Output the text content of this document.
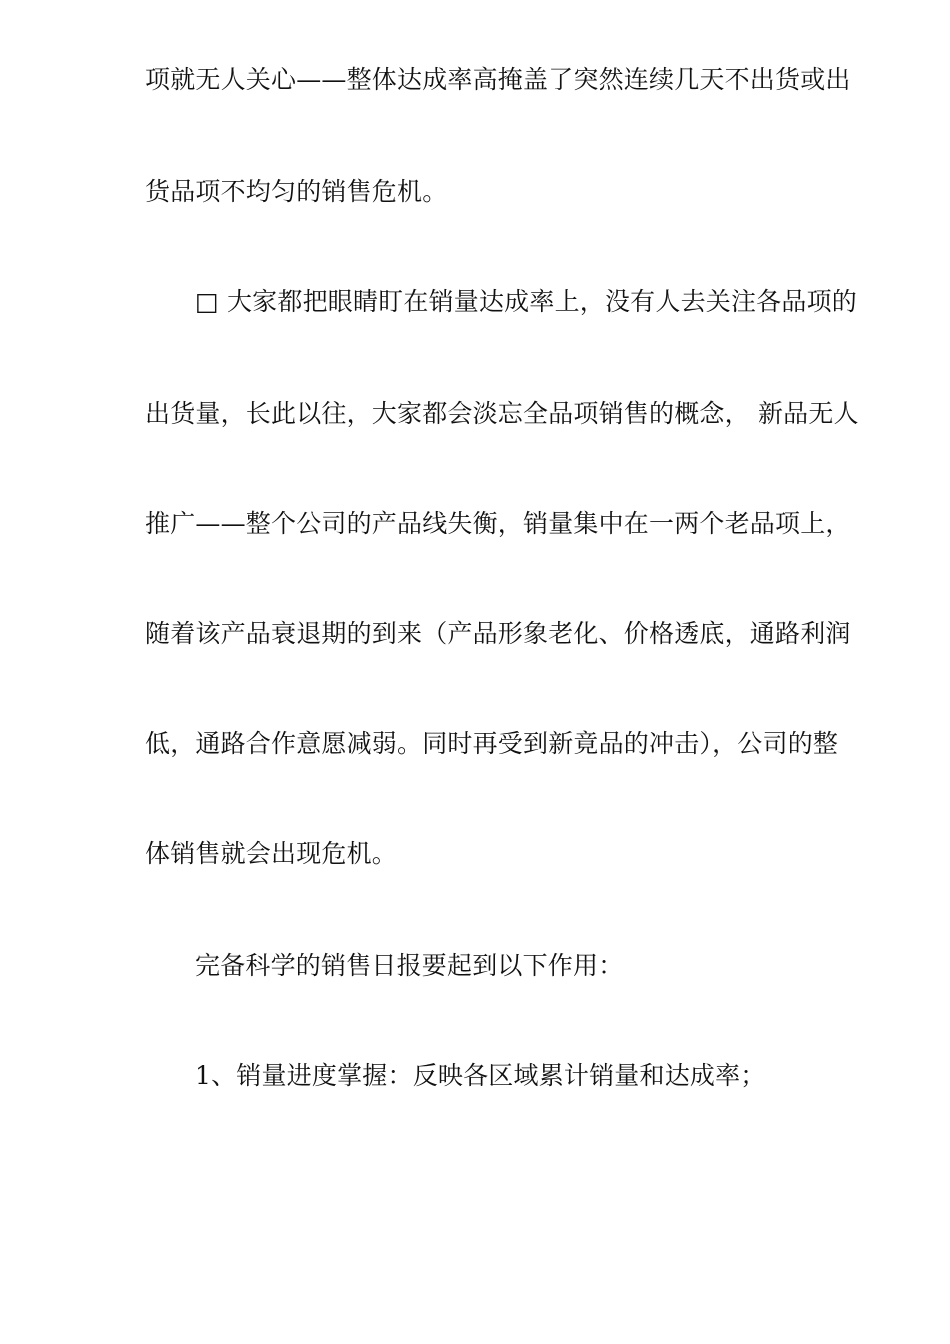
项就无人关心——整体达成率高掩盖了突然连续几天不出货或出
货品项不均匀的销售危机。
□ 大家都把眼睛盯在销量达成率上，没有人去关注各品项的
出货量，长此以往，大家都会淡忘全品项销售的概念， 新品无人
推广——整个公司的产品线失衡，销量集中在一两个老品项上，
随着该产品衰退期的到来（产品形象老化、价格透底，通路利润
低，通路合作意愿减弱。同时再受到新竟品的冲击），公司的整
体销售就会出现危机。
完备科学的销售日报要起到以下作用：
1、销量进度掌握：反映各区域累计销量和达成率；
